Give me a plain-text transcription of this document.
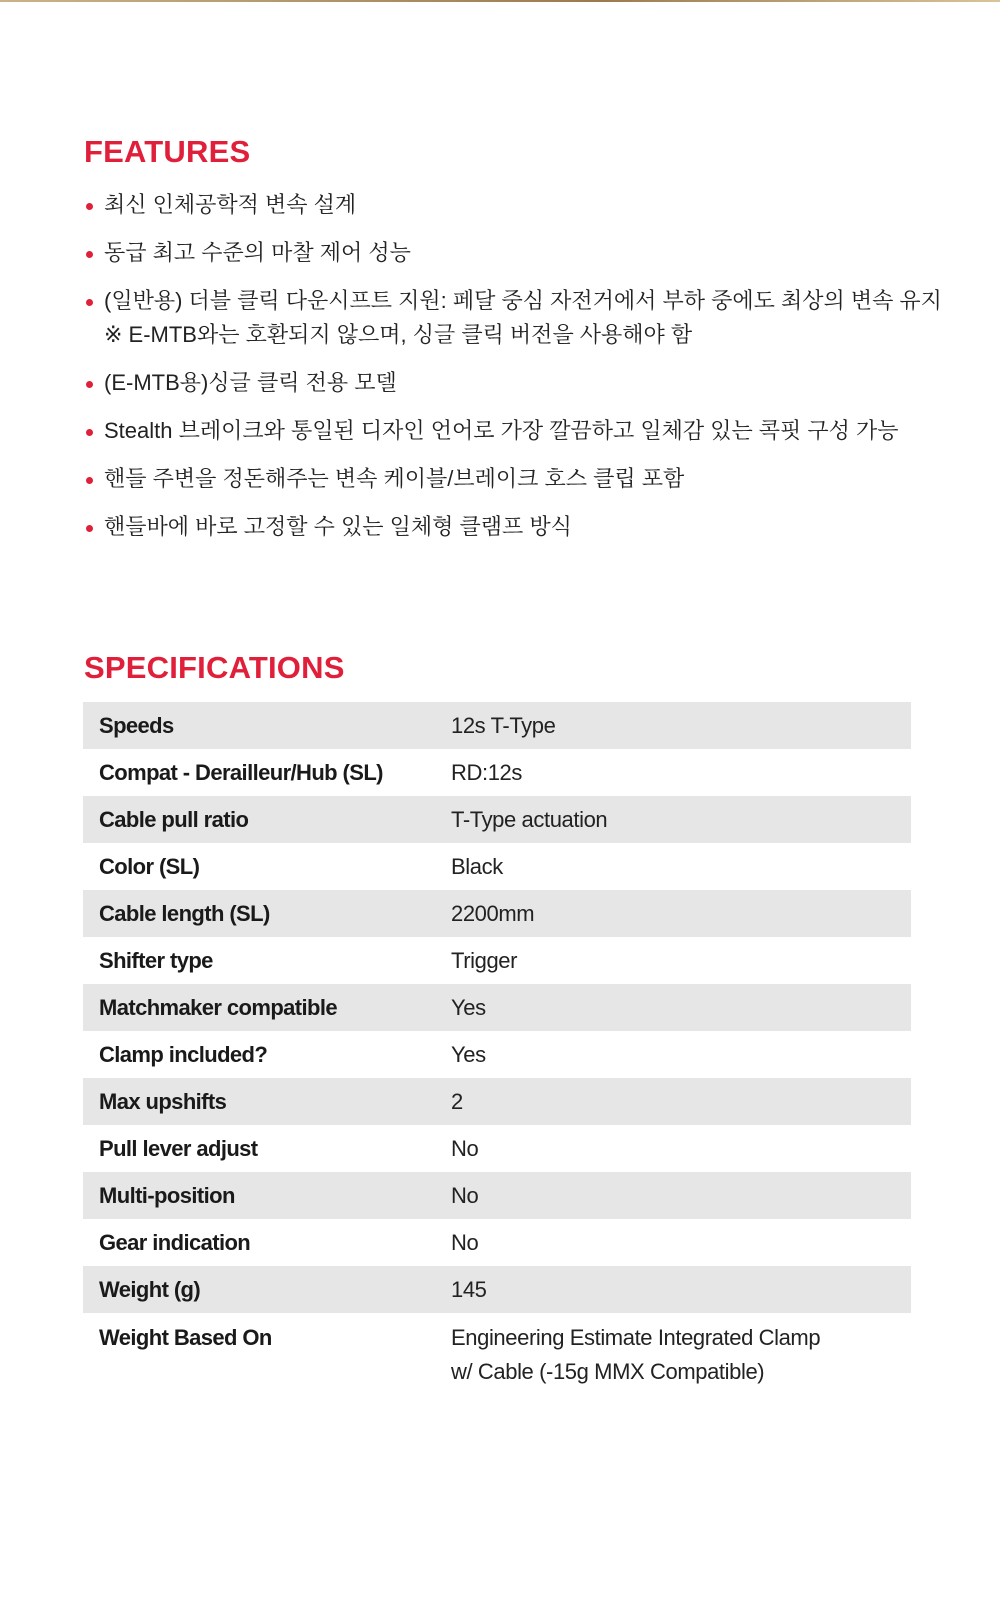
FEATURES
최신 인체공학적 변속 설계
동급 최고 수준의 마찰 제어 성능
(일반용) 더블 클릭 다운시프트 지원: 페달 중심 자전거에서 부하 중에도 최상의 변속 유지
※ E-MTB와는 호환되지 않으며, 싱글 클릭 버전을 사용해야 함
(E-MTB용)싱글 클릭 전용 모델
Stealth 브레이크와 통일된 디자인 언어로 가장 깔끔하고 일체감 있는 콕핏 구성 가능
핸들 주변을 정돈해주는 변속 케이블/브레이크 호스 클립 포함
핸들바에 바로 고정할 수 있는 일체형 클램프 방식
SPECIFICATIONS
Speeds	12s T-Type
Compat - Derailleur/Hub (SL)	RD:12s
Cable pull ratio	T-Type actuation
Color (SL)	Black
Cable length (SL)	2200mm
Shifter type	Trigger
Matchmaker compatible	Yes
Clamp included?	Yes
Max upshifts	2
Pull lever adjust	No
Multi-position	No
Gear indication	No
Weight (g)	145
Weight Based On	Engineering Estimate Integrated Clamp
w/ Cable (-15g MMX Compatible)
